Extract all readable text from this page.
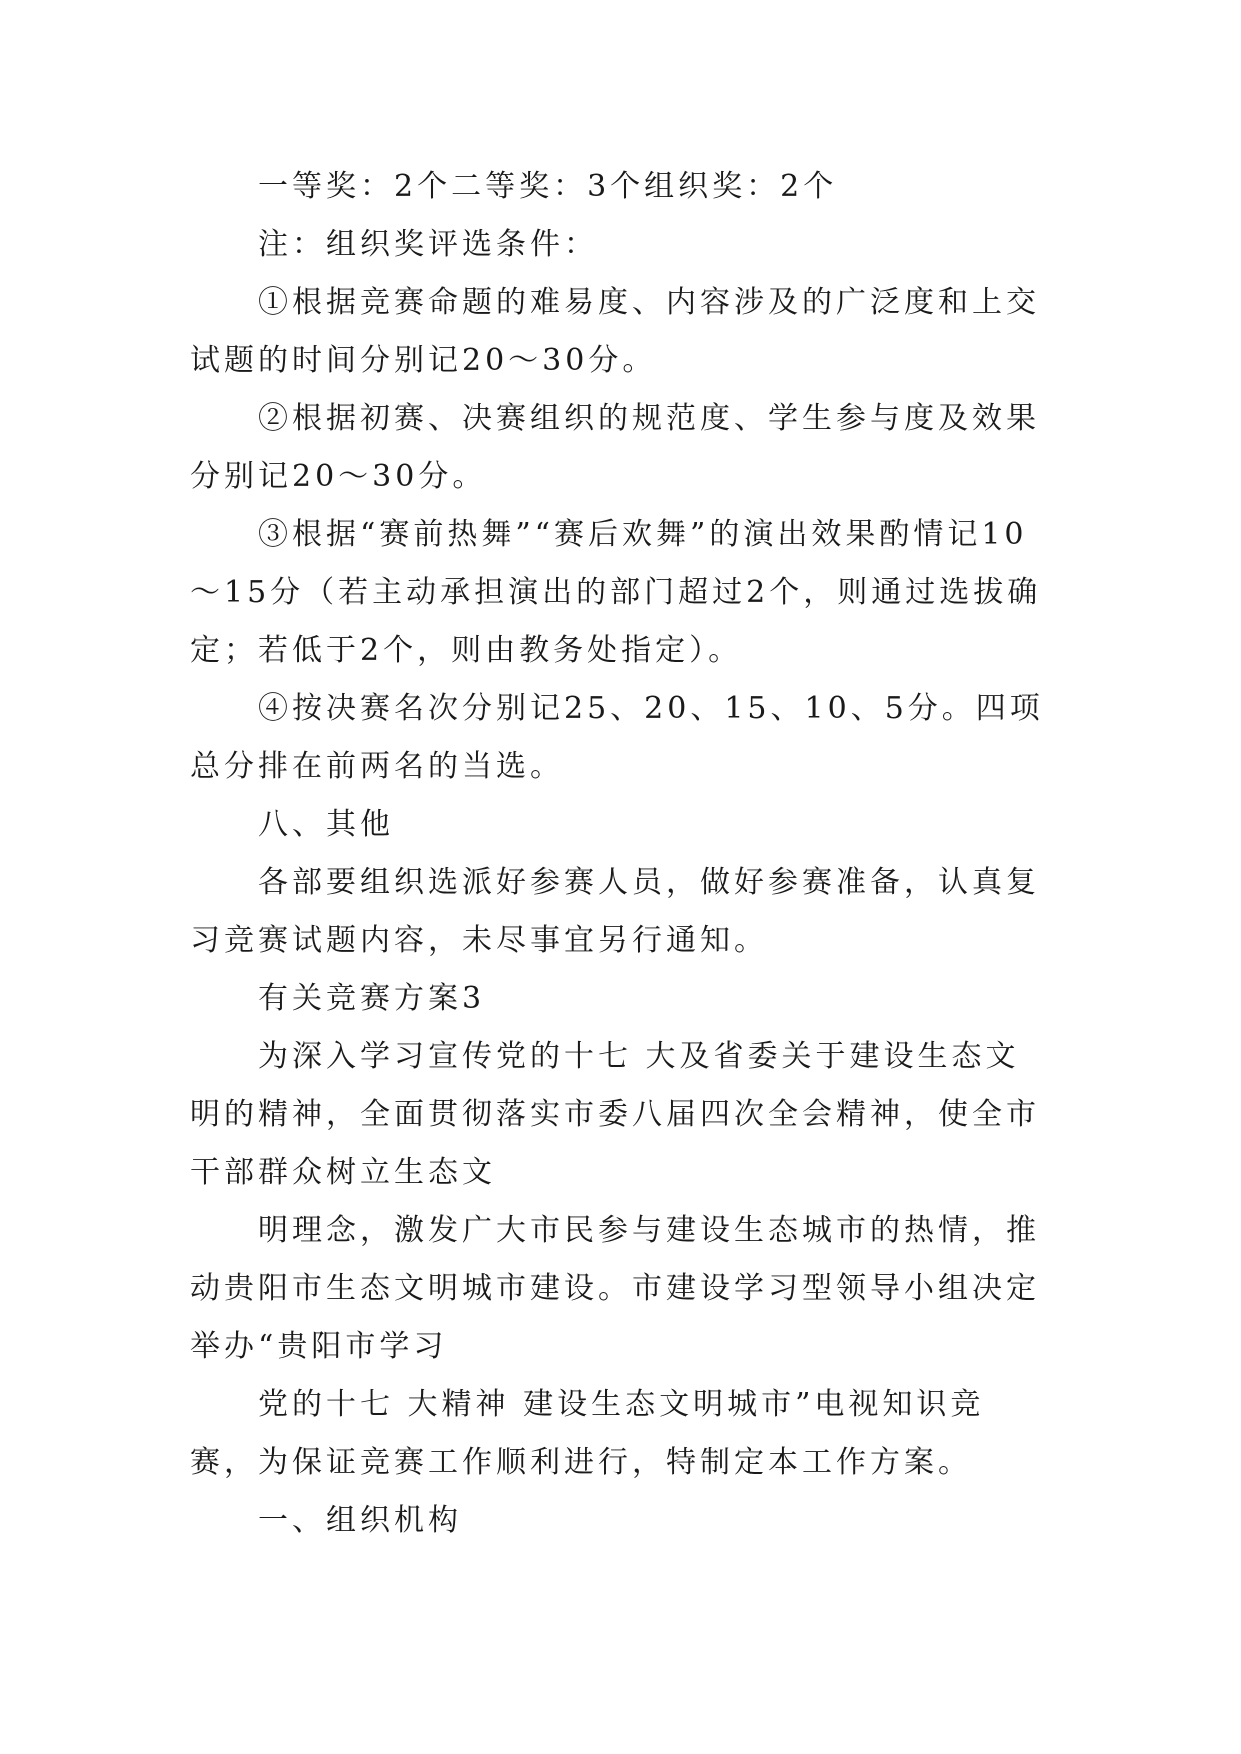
一等奖：2个二等奖：3个组织奖：2个

注：组织奖评选条件：

①根据竞赛命题的难易度、内容涉及的广泛度和上交试题的时间分别记20～30分。

②根据初赛、决赛组织的规范度、学生参与度及效果分别记20～30分。

③根据“赛前热舞”“赛后欢舞”的演出效果酌情记10～15分（若主动承担演出的部门超过2个，则通过选拔确定；若低于2个，则由教务处指定）。

④按决赛名次分别记25、20、15、10、5分。四项总分排在前两名的当选。

八、其他

各部要组织选派好参赛人员，做好参赛准备，认真复习竞赛试题内容，未尽事宜另行通知。

有关竞赛方案3

为深入学习宣传党的十七 大及省委关于建设生态文明的精神，全面贯彻落实市委八届四次全会精神，使全市干部群众树立生态文

明理念，激发广大市民参与建设生态城市的热情，推动贵阳市生态文明城市建设。市建设学习型领导小组决定举办“贵阳市学习

党的十七 大精神 建设生态文明城市”电视知识竞赛，为保证竞赛工作顺利进行，特制定本工作方案。

一、组织机构
